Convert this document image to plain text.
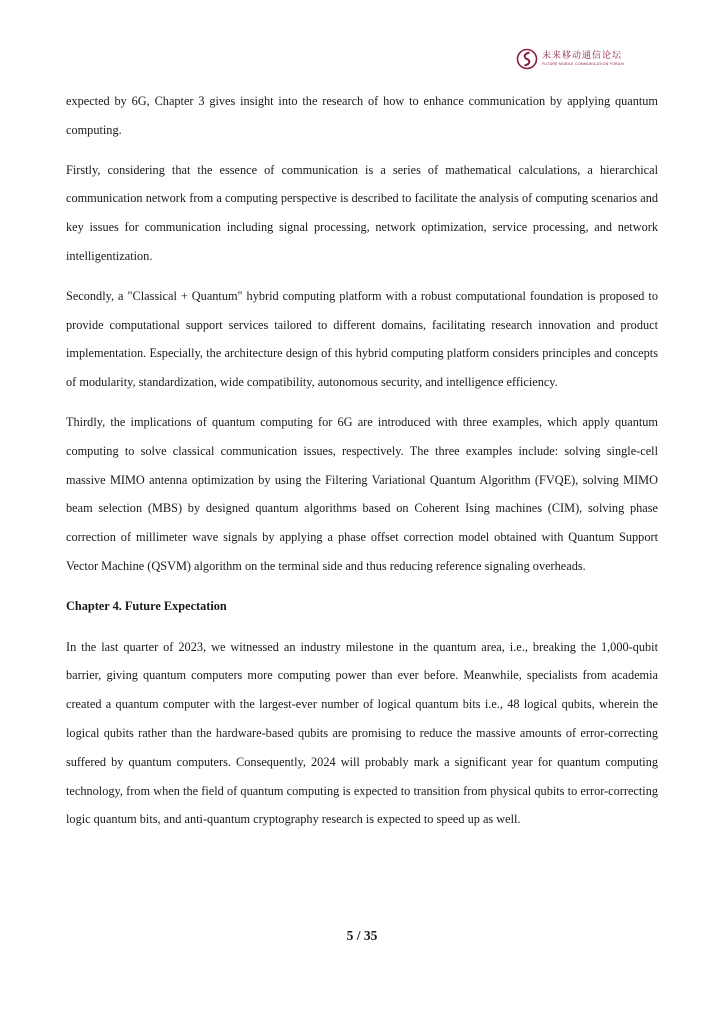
未来移动通信论坛
FUTURE MOBILE COMMUNICATION FORUM

expected by 6G, Chapter 3 gives insight into the research of how to enhance communication by applying quantum computing.

Firstly, considering that the essence of communication is a series of mathematical calculations, a hierarchical communication network from a computing perspective is described to facilitate the analysis of computing scenarios and key issues for communication including signal processing, network optimization, service processing, and network intelligentization.

Secondly, a "Classical + Quantum" hybrid computing platform with a robust computational foundation is proposed to provide computational support services tailored to different domains, facilitating research innovation and product implementation. Especially, the architecture design of this hybrid computing platform considers principles and concepts of modularity, standardization, wide compatibility, autonomous security, and intelligence efficiency.

Thirdly, the implications of quantum computing for 6G are introduced with three examples, which apply quantum computing to solve classical communication issues, respectively. The three examples include: solving single-cell massive MIMO antenna optimization by using the Filtering Variational Quantum Algorithm (FVQE), solving MIMO beam selection (MBS) by designed quantum algorithms based on Coherent Ising machines (CIM), solving phase correction of millimeter wave signals by applying a phase offset correction model obtained with Quantum Support Vector Machine (QSVM) algorithm on the terminal side and thus reducing reference signaling overheads.

Chapter 4. Future Expectation

In the last quarter of 2023, we witnessed an industry milestone in the quantum area, i.e., breaking the 1,000-qubit barrier, giving quantum computers more computing power than ever before. Meanwhile, specialists from academia created a quantum computer with the largest-ever number of logical quantum bits i.e., 48 logical qubits, wherein the logical qubits rather than the hardware-based qubits are promising to reduce the massive amounts of error-correcting suffered by quantum computers. Consequently, 2024 will probably mark a significant year for quantum computing technology, from when the field of quantum computing is expected to transition from physical qubits to error-correcting logic quantum bits, and anti-quantum cryptography research is expected to speed up as well.

5 / 35
